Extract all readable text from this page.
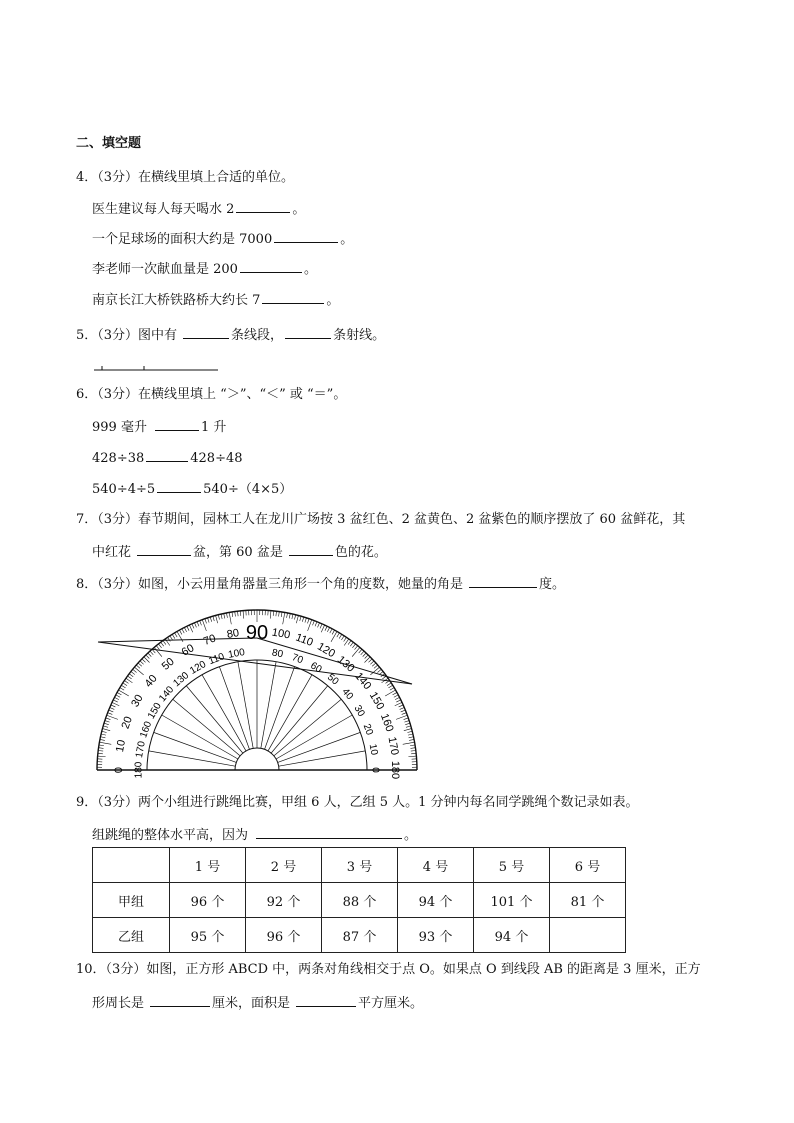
二、填空题
4．（3分）在横线里填上合适的单位。
医生建议每人每天喝水 2	。
一个足球场的面积大约是 7000	。
李老师一次献血量是 200	。
南京长江大桥铁路桥大约长 7	。
5．（3分）图中有	条线段，	条射线。
6．（3分）在横线里填上 “＞”、“＜” 或 “＝”。
999 毫升	1 升
428÷38	428÷48
540÷4÷5	540÷（4×5）
7．（3分）春节期间，园林工人在龙川广场按 3 盆红色、2 盆黄色、2 盆紫色的顺序摆放了 60 盆鲜花，其
中红花	盆，第 60 盆是	色的花。
8．（3分）如图，小云用量角器量三角形一个角的度数，她量的角是	度。
0
10
20
30
40
50
60
70 80	100 110
120
130
140
150
160
170
180
180
170
160
150
140
130
120 110 100	80 70
60
50
40
30
20
10
0
90
9．（3分）两个小组进行跳绳比赛，甲组 6 人，乙组 5 人。1 分钟内每名同学跳绳个数记录如表。
组跳绳的整体水平高，因为	。
	1 号	2 号	3 号	4 号	5 号	6 号
甲组	96 个	92 个	88 个	94 个	101 个	81 个
乙组	95 个	96 个	87 个	93 个	94 个	
10．（3分）如图，正方形 ABCD 中，两条对角线相交于点 O。如果点 O 到线段 AB 的距离是 3 厘米，正方
形周长是	厘米，面积是	平方厘米。
